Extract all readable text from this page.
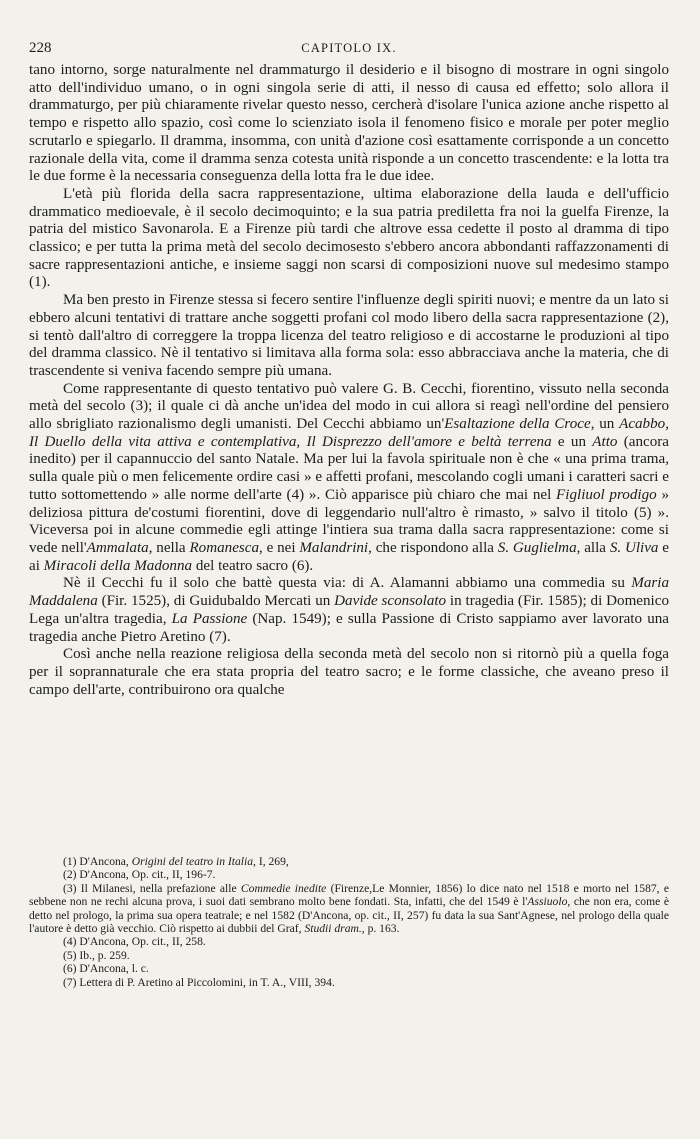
228	CAPITOLO IX.

tano intorno, sorge naturalmente nel drammaturgo il desiderio e il bisogno di mostrare in ogni singolo atto dell'individuo umano, o in ogni singola serie di atti, il nesso di causa ed effetto; solo allora il drammaturgo, per più chiaramente rivelar questo nesso, cercherà d'isolare l'unica azione anche rispetto al tempo e rispetto allo spazio, così come lo scienziato isola il fenomeno fisico e morale per poter meglio scrutarlo e spiegarlo. Il dramma, insomma, con unità d'azione così esattamente corrisponde a un concetto razionale della vita, come il dramma senza cotesta unità risponde a un concetto trascendente: e la lotta tra le due forme è la necessaria conseguenza della lotta fra le due idee.

L'età più florida della sacra rappresentazione, ultima elaborazione della lauda e dell'ufficio drammatico medioevale, è il secolo decimoquinto; e la sua patria prediletta fra noi la guelfa Firenze, la patria del mistico Savonarola. E a Firenze più tardi che altrove essa cedette il posto al dramma di tipo classico; e per tutta la prima metà del secolo decimosesto s'ebbero ancora abbondanti raffazzonamenti di sacre rappresentazioni antiche, e insieme saggi non scarsi di composizioni nuove sul medesimo stampo (1).

Ma ben presto in Firenze stessa si fecero sentire l'influenze degli spiriti nuovi; e mentre da un lato si ebbero alcuni tentativi di trattare anche soggetti profani col modo libero della sacra rappresentazione (2), si tentò dall'altro di correggere la troppa licenza del teatro religioso e di accostarne le produzioni al tipo del dramma classico. Nè il tentativo si limitava alla forma sola: esso abbracciava anche la materia, che di trascendente si veniva facendo sempre più umana.

Come rappresentante di questo tentativo può valere G. B. Cecchi, fiorentino, vissuto nella seconda metà del secolo (3); il quale ci dà anche un'idea del modo in cui allora si reagì nell'ordine del pensiero allo sbrigliato razionalismo degli umanisti. Del Cecchi abbiamo un'Esaltazione della Croce, un Acabbo, Il Duello della vita attiva e contemplativa, Il Disprezzo dell'amore e beltà terrena e un Atto (ancora inedito) per il capannuccio del santo Natale. Ma per lui la favola spirituale non è che « una prima trama, sulla quale più o men felicemente ordire casi » e affetti profani, mescolando cogli umani i caratteri sacri e tutto sottomettendo » alle norme dell'arte (4) ». Ciò apparisce più chiaro che mai nel Figliuol prodigo » deliziosa pittura de'costumi fiorentini, dove di leggendario null'altro è rimasto, » salvo il titolo (5) ». Viceversa poi in alcune commedie egli attinge l'intiera sua trama dalla sacra rappresentazione: come si vede nell'Ammalata, nella Romanesca, e nei Malandrini, che rispondono alla S. Guglielma, alla S. Uliva e ai Miracoli della Madonna del teatro sacro (6).

Nè il Cecchi fu il solo che battè questa via: di A. Alamanni abbiamo una commedia su Maria Maddalena (Fir. 1525), di Guidubaldo Mercati un Davide sconsolato in tragedia (Fir. 1585); di Domenico Lega un'altra tragedia, La Passione (Nap. 1549); e sulla Passione di Cristo sappiamo aver lavorato una tragedia anche Pietro Aretino (7).

Così anche nella reazione religiosa della seconda metà del secolo non si ritornò più a quella foga per il soprannaturale che era stata propria del teatro sacro; e le forme classiche, che aveano preso il campo dell'arte, contribuirono ora qualche

(1) D'Ancona, Origini del teatro in Italia, I, 269,

(2) D'Ancona, Op. cit., II, 196-7.

(3) Il Milanesi, nella prefazione alle Commedie inedite (Firenze,Le Monnier, 1856) lo dice nato nel 1518 e morto nel 1587, e sebbene non ne rechi alcuna prova, i suoi dati sembrano molto bene fondati. Sta, infatti, che del 1549 è l'Assiuolo, che non era, come è detto nel prologo, la prima sua opera teatrale; e nel 1582 (D'Ancona, op. cit., II, 257) fu data la sua Sant'Agnese, nel prologo della quale l'autore è detto già vecchio. Ciò rispetto ai dubbii del Graf, Studii dram., p. 163.

(4) D'Ancona, Op. cit., II, 258.

(5) Ib., p. 259.

(6) D'Ancona, l. c.

(7) Lettera di P. Aretino al Piccolomini, in T. A., VIII, 394.
